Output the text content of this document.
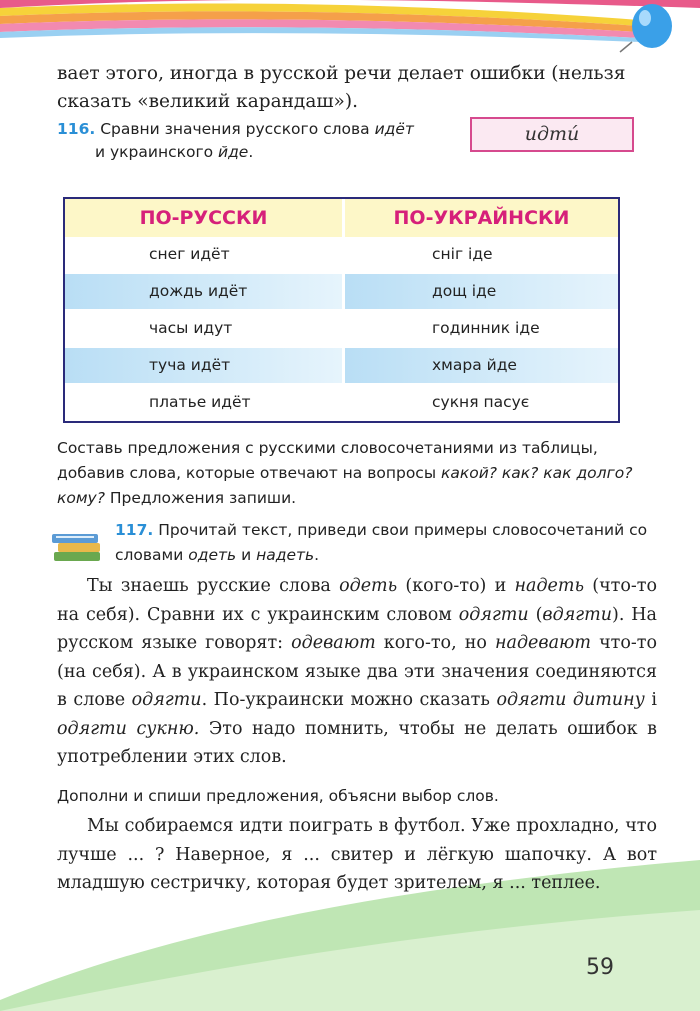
вает этого, иногда в русской речи делает ошибки (нельзя сказать «великий карандаш»).
116. Сравни значения русского слова идёт
и украинского йде.
идтú
ПО-РУССКИ	ПО-УКРАЙНСКИ
снег идёт	сніг іде
дождь идёт	дощ іде
часы идут	годинник іде
туча идёт	хмара йде
платье идёт	сукня пасує
Составь предложения с русскими словосочетаниями из таблицы, добавив слова, которые отвечают на вопросы какой? как? как долго? кому? Предложения запиши.
117. Прочитай текст, приведи свои примеры словосочетаний со словами одеть и надеть.

Ты знаешь русские слова одеть (кого-то) и надеть (что-то на себя). Сравни их с украинским словом одягти (вдягти). На русском языке говорят: одевают кого-то, но надевают что-то (на себя). А в украинском языке два эти значения соединяются в слове одягти. По-украински можно сказать одягти дитину і одягти сукню. Это надо помнить, чтобы не делать ошибок в употреблении этих слов.

Дополни и спиши предложения, объясни выбор слов.

Мы собираемся идти поиграть в футбол. Уже прохладно, что лучше ... ? Наверное, я ... свитер и лёгкую шапочку. А вот младшую сестричку, которая будет зрителем, я ... теплее.

59
